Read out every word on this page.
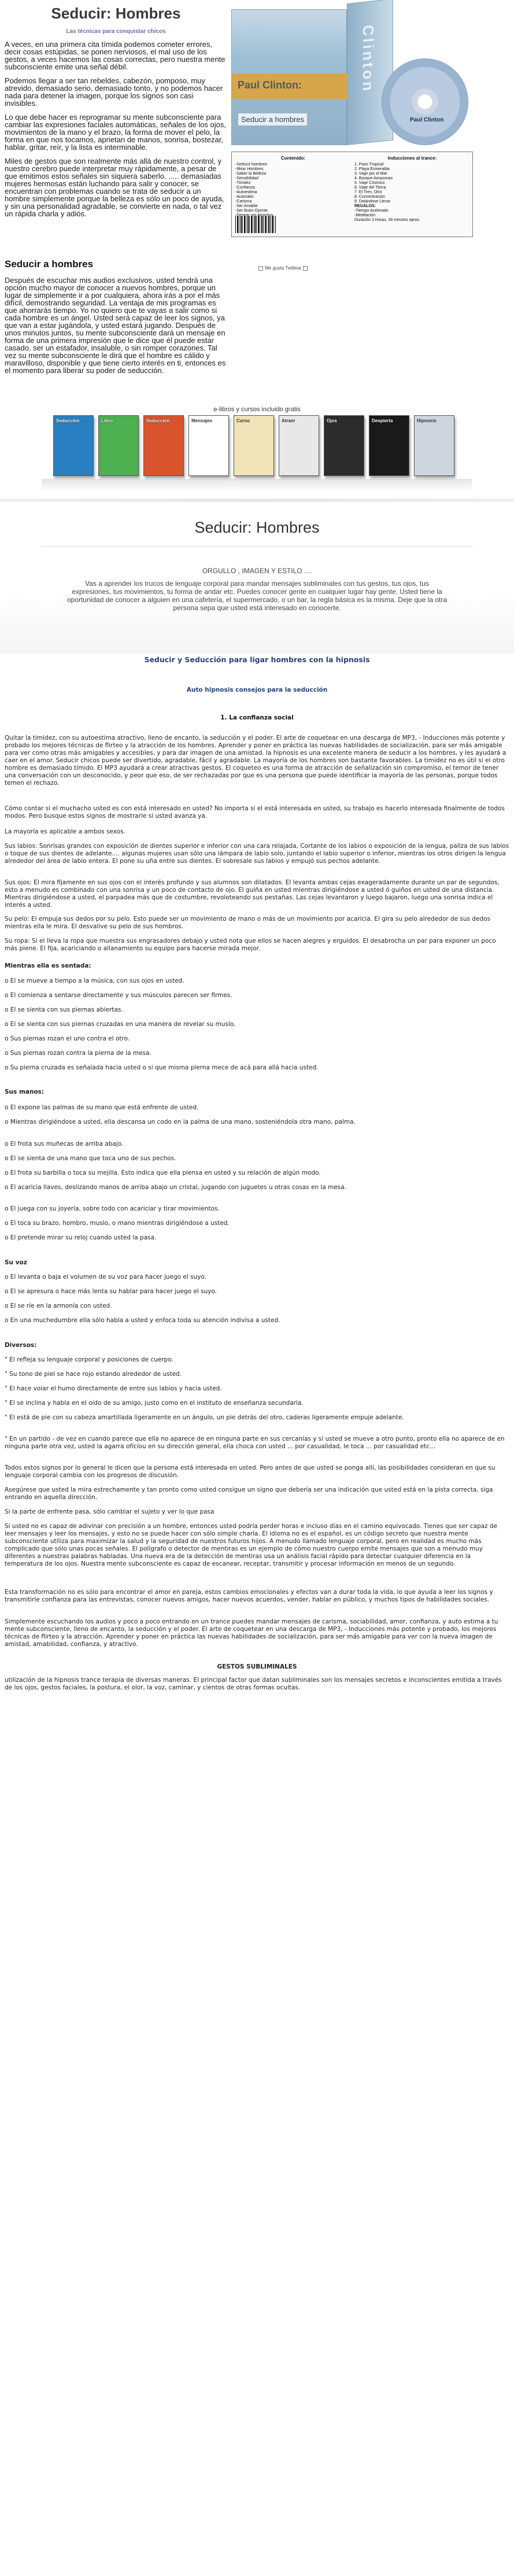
Seducir: Hombres
Las técnicas para conquistar chicos

A veces, en una primera cita tímida podemos cometer errores, decir cosas estúpidas, se ponen nerviosos, el mal uso de los gestos, a veces hacemos las cosas correctas, pero nuestra mente subconsciente emite una señal débil.

Podemos llegar a ser tan rebeldes, cabezón, pomposo, muy atrevido, demasiado serio, demasiado tonto, y no podemos hacer nada para detener la imagen, porque los signos son casi invisibles.

Lo que debe hacer es reprogramar su mente subconsciente para cambiar las expresiones faciales automáticas, señales de los ojos, movimientos de la mano y el brazo, la forma de mover el pelo, la forma en que nos tocamos, aprietan de manos, sonrisa, bostezar, hablar, gritar, reír, y la lista es interminable.

Miles de gestos que son realmente más allá de nuestro control, y nuestro cerebro puede interpretar muy rápidamente, a pesar de que emitimos estos señales sin siquiera saberlo. ..... demasiadas mujeres hermosas están luchando para salir y conocer, se encuentran con problemas cuando se trata de seducir a un hombre simplemente porque la belleza es sólo un poco de ayuda, y sin una personalidad agradable, se convierte en nada, o tal vez un rápida charla y adiós.

Clinton
Paul Clinton:
Seducir a hombres	Paul Clinton
Contenido:
-Seducir hombres
-Mirar Hombres
-Saber la Belleza
-Sensibilidad
-Timidez
-Confianza
-Autoestima
-Autovalor
-Carisma
-Ser Amable
-Ser Buen Oyente
Inducciones al trance:
1. Paso Tropical
2. Playa Esmeralda
3. Viaje por el Mar
4. Bosque Amazonas
5. Viaje Cósmico
6. Viaje del Tierra
7. El Tren, Otro
8. Concentración
9. Dejándose Llevar
REGALOS:
-Tiempo Acelerado
-Meditación
Duración 3 Horas, 39 minutos aprox.
Seducir a hombres	Me gusta Twittear
Después de escuchar mis audios exclusivos, usted tendrá una opción mucho mayor de conocer a nuevos hombres, porque un lugar de simplemente ir a por cualquiera, ahora irás a por el más difícil, demostrando seguridad. La ventaja de mis programas es que ahorrarás tiempo. Yo no quiero que te vayas a salir como si cada hombre es un ángel. Usted será capaz de leer los signos, ya que van a estar jugándola, y usted estará jugando. Después de unos minutos juntos, su mente subconsciente dará un mensaje en forma de una primera impresión que le dice que él puede estar casado, ser un estafador, insaluble, o sin romper corazones. Tal vez su mente subconsciente le dirá que el hombre es cálido y maravilloso, disponible y que tiene cierto interés en ti, entonces es el momento para liberar su poder de seducción.
e-libros y cursos incluido gratis
Seducción	Libro	Seducción	Mensajes	Curso	Atraer	Ojos	Despierta	Hipnosis
Seducir: Hombres
ORGULLO , IMAGEN Y ESTILO ....
Vas a aprender los trucos de lenguaje corporal para mandar mensajes subliminales con tus gestos, tus ojos, tus expresiones, tus movimientos, tu forma de andar etc. Puedes conocer gente en cualquier lugar hay gente. Usted tiene la oportunidad de conocer a alguien en una cafetería, el supermercado, o un bar, la regla básica es la misma. Deje que la otra persona sepa que usted está interesado en conocerte.
Seducir y Seducción para ligar hombres con la hipnosis
Auto hipnosis consejos para la seducción
1. La confianza social
Quitar la timidez, con su autoestima atractivo, lleno de encanto, la seducción y el poder. El arte de coquetear en una descarga de MP3, - Inducciones más potente y probado los mejores técnicas de flirteo y la atracción de los hombres. Aprender y poner en práctica las nuevas habilidades de socialización, para ser más amigable para ver como otras más amigables y accesibles, y para dar imagen de una amistad. la hipnosis es una excelente manera de seducir a los hombres, y les ayudará a caer en el amor. Seducir chicos puede ser divertido, agradable, fácil y agradable. La mayoría de los hombres son bastante favorables. La timidez no es útil si el otro hombre es demasiado tímido. El MP3 ayudará a crear atractivas gestos. El coqueteo es una forma de atracción de señalización sin compromiso, el temor de tener una conversación con un desconocido, y peor que eso, de ser rechazadas por que es una persona que puede identificar la mayoría de las personas, porque todos temen el rechazo.
Cómo contar si el muchacho usted es con está interesado en usted? No importa si el está interesada en usted, su trabajo es hacerlo interesada finalmente de todos modos. Pero busque estos signos de mostrarle si usted avanza ya.
La mayoría es aplicable a ambos sexos.
Sus labios: Sonrisas grandes con exposición de dientes superior e inferior con una cara relajada, Cortante de los labios o exposición de la lengua, paliza de sus labios o toque de sus dientes de adelante.... algunas mujeres usan sólo una lámpara de labio solo, juntando el labio superior o inferior, mientras los otros dirigen la lengua alrededor del área de labio entera. El pone su uña entre sus dientes. El sobresale sus labios y empujó sus pechos adelante.
Sus ojos: El mira fijamente en sus ojos con el interés profundo y sus alumnos son dilatados. El levanta ambas cejas exageradamente durante un par de segundos, esto a menudo es combinado con una sonrisa y un poco de contacto de ojo. El guiña en usted mientras dirigiéndose a usted ó guiños en usted de una distancia. Mientras dirigiéndose a usted, el parpadea más que de costumbre, revoloteando sus pestañas. Las cejas levantaron y luego bajaron, luego una sonrisa indica el interés a usted.
Su pelo: El empuja sus dedos por su pelo. Esto puede ser un movimiento de mano o más de un movimiento por acaricia. El gira su pelo alrededor de sus dedos mientras ella le mira. El desvalive su pelo de sus hombros.
Su ropa: Si el lleva la ropa que muestra sus engrasadores debajo y usted nota que ellos se hacen alegres y erguidos. El desabrocha un par para exponer un poco más piene. El fija, acariciando o allanamiento su equipo para hacerse mirada mejor.
Mientras ella es sentada:
o El se mueve a tiempo a la música, con sus ojos en usted.
o El comienza a sentarse directamente y sus músculos parecen ser firmes.
o El se sienta con sus piernas abiertas.
o El se sienta con sus piernas cruzadas en una manera de revelar su muslo.
o Sus piernas rozan el uno contra el otro.
o Sus piernas rozan contra la pierna de la mesa.
o Su pierna cruzada es señalada hacia usted o si que misma pierna mece de acá para allá hacia usted.
Sus manos:
o El expone las palmas de su mano que está enfrente de usted.
o Mientras dirigiéndose a usted, ella descansa un codo en la palma de una mano, sosteniéndola otra mano, palma.
o El frota sus muñecas de arriba abajo.
o El se sienta de una mano que toca uno de sus pechos.
o El frota su barbilla o toca su mejilla. Esto indica que ella piensa en usted y su relación de algún modo.
o El acaricia llaves, deslizando manos de arriba abajo un cristal, jugando con juguetes u otras cosas en la mesa.
o El juega con su joyería, sobre todo con acariciar y tirar movimientos.
o El toca su brazo, hombro, muslo, o mano mientras dirigiéndose a usted.
o El pretende mirar su reloj cuando usted la pasa.
Su voz
o El levanta o baja el volumen de su voz para hacer juego el suyo.
o El se apresura o hace más lenta su hablar para hacer juego el suyo.
o El se ríe en la armonía con usted.
o En una muchedumbre ella sólo habla a usted y enfoca toda su atención indivisa a usted.
Diversos:
" El refleja su lenguaje corporal y posiciones de cuerpo.
" Su tono de piel se hace rojo estando alrededor de usted.
" El hace volar el humo directamente de entre sus labios y hacia usted.
" El se inclina y habla en el oído de su amigo, justo como en el instituto de enseñanza secundaria.
" El está de pie con su cabeza amartillada ligeramente en un ángulo, un pie detrás del otro, caderas ligeramente empuje adelante.
" En un partido - de vez en cuando parece que ella no aparece de en ninguna parte en sus cercanías y si usted se mueve a otro punto, pronto ella no aparece de en ninguna parte otra vez, usted la agarra ofícíou en su dirección general, ella choca con usted ... por casualidad, le toca ... por casualidad etc...
Todos estos signos por lo general le dicen que la persona está interesada en usted. Pero antes de que usted se ponga allí, las posibilidades consideran en que su lenguaje corporal cambia con los progresos de discusión.
Asegúrese que usted la mira estrechamente y tan pronto como usted consigue un signo que debería ser una indicación que usted está en la pista correcta, siga entrando en aquella dirección.
Si la parte de enfrente pasa, sólo cambiar el sujeto y ver lo que pasa
Si usted no es capaz de adivinar con precisión a un hombre, entonces usted podría perder horas e incluso días en el camino equivocado. Tienes que ser capaz de leer mensajes y leer los mensajes, y esto no se puede hacer con sólo simple charla. El idioma no es el español, es un código secreto que nuestra mente subconsciente utiliza para maximizar la salud y la seguridad de nuestros futuros hijos. A menudo llamado lenguaje corporal, pero en realidad es mucho más complicado que sólo unas pocas señales. El polígrafo o detector de mentiras es un ejemplo de cómo nuestro cuerpo emite mensajes que son a menudo muy diferentes a nuestras palabras habladas. Una nueva era de la detección de mentiras usa un análisis facial rápido para detectar cualquier diferencia en la temperatura de los ojos. Nuestra mente subconsciente es capaz de escanear, receptar, transmitir y procesar información en menos de un segundo.
Esta transformación no es sólo para encontrar el amor en pareja, estos cambios emocionales y efectos van a durar toda la vida, lo que ayuda a leer los signos y transmitirle confianza para las entrevistas, conocer nuevos amigos, hacer nuevos acuerdos, vender, hablar en público, y muchos tipos de habilidades sociales.
Simplemente escuchando los audios y poco a poco entrando en un trance puedes mandar mensajes de carisma, sociabilidad, amor, confianza, y auto estima a tu mente subconsciente, lleno de encanto, la seducción y el poder. El arte de coquetear en una descarga de MP3, - Inducciones más potente y probado, los mejores técnicas de flirteo y la atracción. Aprender y poner en práctica las nuevas habilidades de socialización, para ser más amigable para ver con la nueva imagen de amistad, amabilidad, confianza, y atractivo.
GESTOS SUBLIMINALES
utilización de la hipnosis trance terapia de diversas maneras. El principal factor que datan subliminales son los mensajes secretos e inconscientes emitida a través de los ojos, gestos faciales, la postura, el olor, la voz, caminar, y cientos de otras formas ocultas.
